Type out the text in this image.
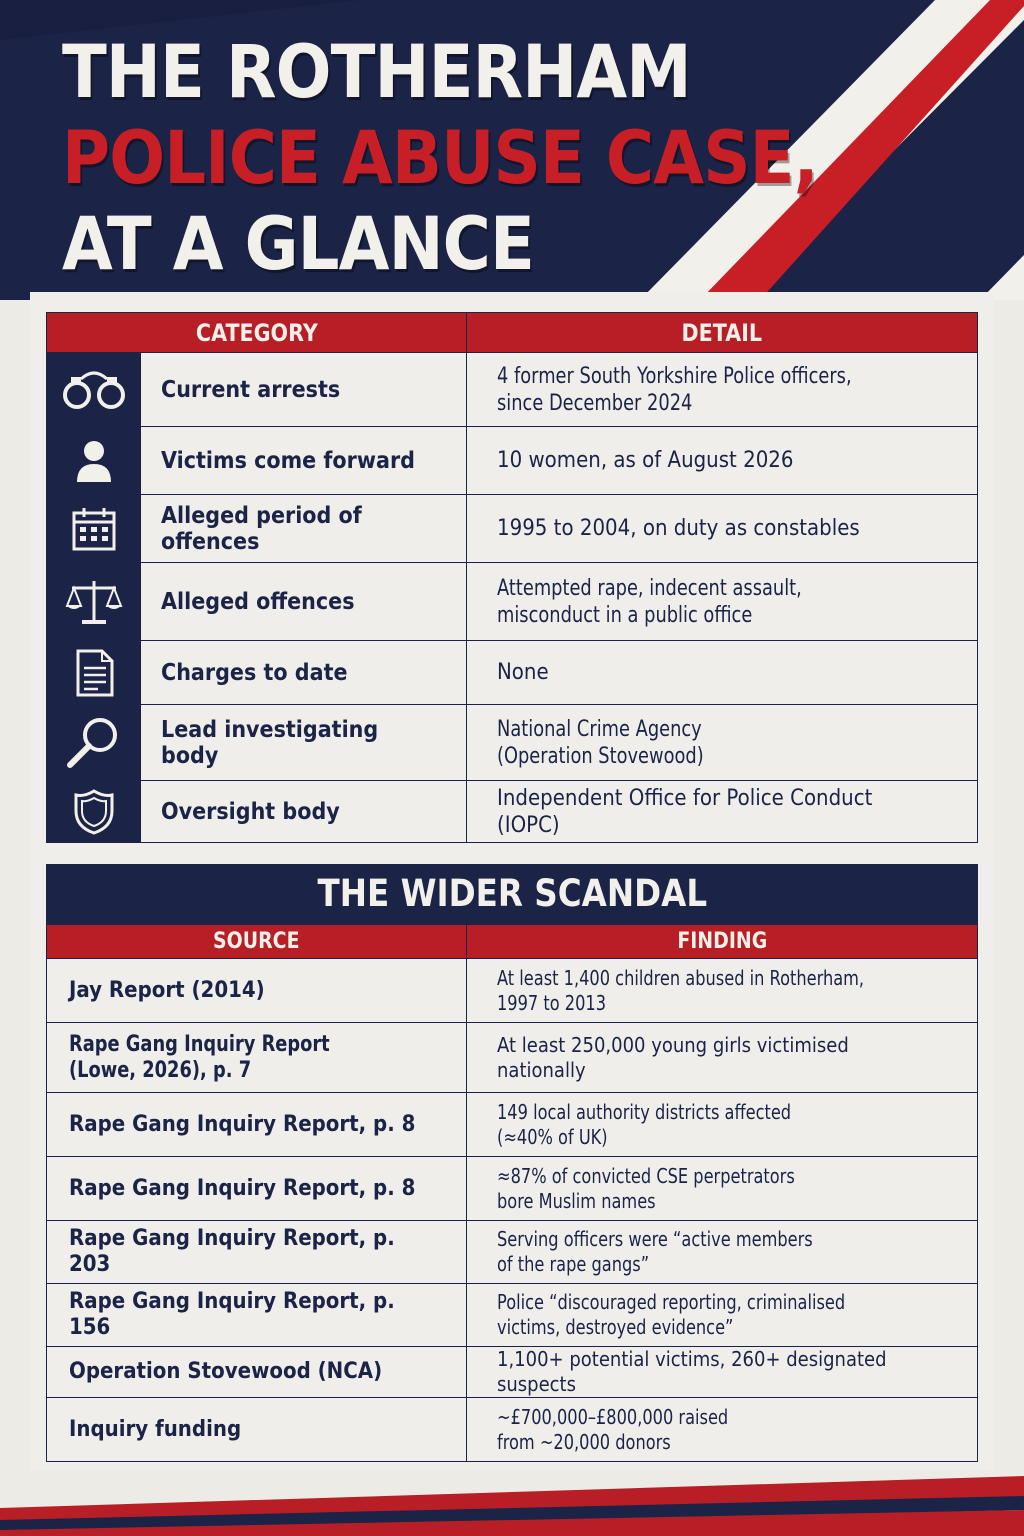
THE ROTHERHAM
POLICE ABUSE CASE,
AT A GLANCE
CATEGORY		DETAIL

	Current arrests	4 former South Yorkshire Police officers,
since December 2024

	Victims come forward	10 women, as of August 2026

	Alleged period of offences	1995 to 2004, on duty as constables

	Alleged offences	Attempted rape, indecent assault,
misconduct in a public office

	Charges to date	None

	Lead investigating body	National Crime Agency
(Operation Stovewood)

	Oversight body	Independent Office for Police Conduct (IOPC)
THE WIDER SCANDAL
SOURCE	FINDING
Jay Report (2014)	At least 1,400 children abused in Rotherham,
1997 to 2013
Rape Gang Inquiry Report
(Lowe, 2026), p. 7	At least 250,000 young girls victimised nationally
Rape Gang Inquiry Report, p. 8	149 local authority districts affected
(≈40% of UK)
Rape Gang Inquiry Report, p. 8	≈87% of convicted CSE perpetrators
bore Muslim names
Rape Gang Inquiry Report, p. 203	Serving officers were “active members
of the rape gangs”
Rape Gang Inquiry Report, p. 156	Police “discouraged reporting, criminalised
victims, destroyed evidence”
Operation Stovewood (NCA)	1,100+ potential victims, 260+ designated suspects
Inquiry funding	~£700,000–£800,000 raised
from ~20,000 donors
